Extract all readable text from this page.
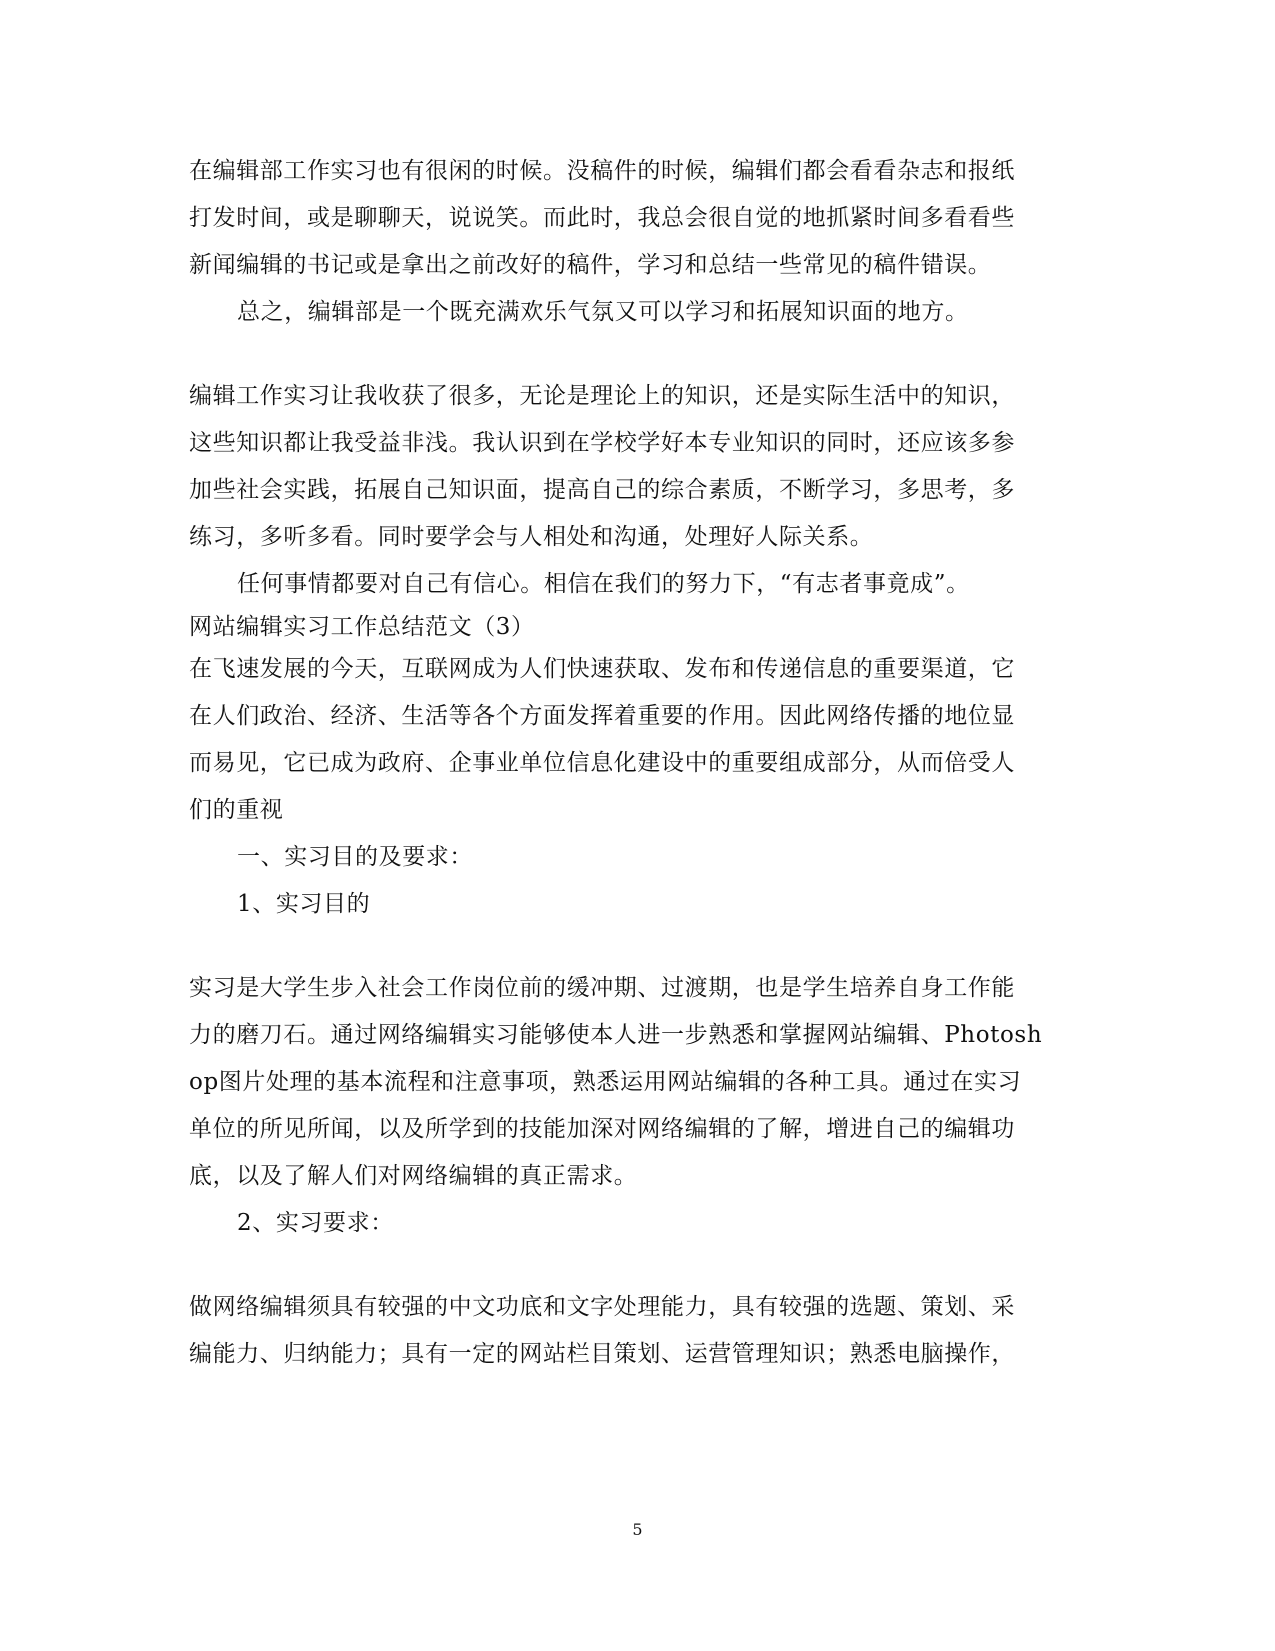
在编辑部工作实习也有很闲的时候。没稿件的时候，编辑们都会看看杂志和报纸
打发时间，或是聊聊天，说说笑。而此时，我总会很自觉的地抓紧时间多看看些
新闻编辑的书记或是拿出之前改好的稿件，学习和总结一些常见的稿件错误。
总之，编辑部是一个既充满欢乐气氛又可以学习和拓展知识面的地方。
编辑工作实习让我收获了很多，无论是理论上的知识，还是实际生活中的知识，
这些知识都让我受益非浅。我认识到在学校学好本专业知识的同时，还应该多参
加些社会实践，拓展自己知识面，提高自己的综合素质，不断学习，多思考，多
练习，多听多看。同时要学会与人相处和沟通，处理好人际关系。
任何事情都要对自己有信心。相信在我们的努力下，“有志者事竟成”。
网站编辑实习工作总结范文（3）
在飞速发展的今天，互联网成为人们快速获取、发布和传递信息的重要渠道，它
在人们政治、经济、生活等各个方面发挥着重要的作用。因此网络传播的地位显
而易见，它已成为政府、企事业单位信息化建设中的重要组成部分，从而倍受人
们的重视
一、实习目的及要求：
1、实习目的
实习是大学生步入社会工作岗位前的缓冲期、过渡期，也是学生培养自身工作能
力的磨刀石。通过网络编辑实习能够使本人进一步熟悉和掌握网站编辑、Photosh
op图片处理的基本流程和注意事项，熟悉运用网站编辑的各种工具。通过在实习
单位的所见所闻，以及所学到的技能加深对网络编辑的了解，增进自己的编辑功
底，以及了解人们对网络编辑的真正需求。
2、实习要求：
做网络编辑须具有较强的中文功底和文字处理能力，具有较强的选题、策划、采
编能力、归纳能力；具有一定的网站栏目策划、运营管理知识；熟悉电脑操作，
5
